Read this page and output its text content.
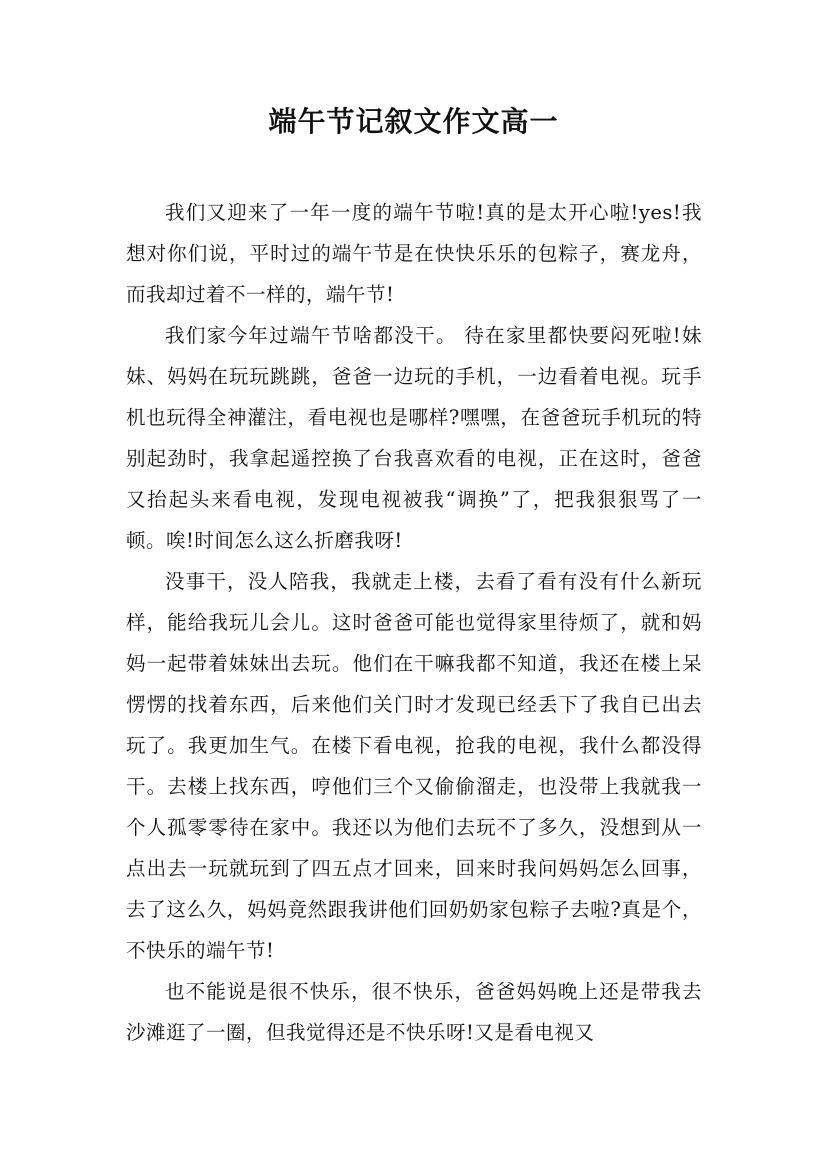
端午节记叙文作文高一

我们又迎来了一年一度的端午节啦!真的是太开心啦!yes!我想对你们说，平时过的端午节是在快快乐乐的包粽子，赛龙舟，而我却过着不一样的，端午节!

我们家今年过端午节啥都没干。 待在家里都快要闷死啦!妹妹、妈妈在玩玩跳跳，爸爸一边玩的手机，一边看着电视。玩手机也玩得全神灌注，看电视也是哪样?嘿嘿，在爸爸玩手机玩的特别起劲时，我拿起遥控换了台我喜欢看的电视，正在这时，爸爸又抬起头来看电视，发现电视被我“调换”了，把我狠狠骂了一顿。唉!时间怎么这么折磨我呀!

没事干，没人陪我，我就走上楼，去看了看有没有什么新玩样，能给我玩儿会儿。这时爸爸可能也觉得家里待烦了，就和妈妈一起带着妹妹出去玩。他们在干嘛我都不知道，我还在楼上呆愣愣的找着东西，后来他们关门时才发现已经丢下了我自已出去玩了。我更加生气。在楼下看电视，抢我的电视，我什么都没得干。去楼上找东西，哼他们三个又偷偷溜走，也没带上我就我一个人孤零零待在家中。我还以为他们去玩不了多久，没想到从一点出去一玩就玩到了四五点才回来，回来时我问妈妈怎么回事，去了这么久，妈妈竟然跟我讲他们回奶奶家包粽子去啦?真是个，不快乐的端午节!

也不能说是很不快乐，很不快乐，爸爸妈妈晚上还是带我去沙滩逛了一圈，但我觉得还是不快乐呀!又是看电视又
